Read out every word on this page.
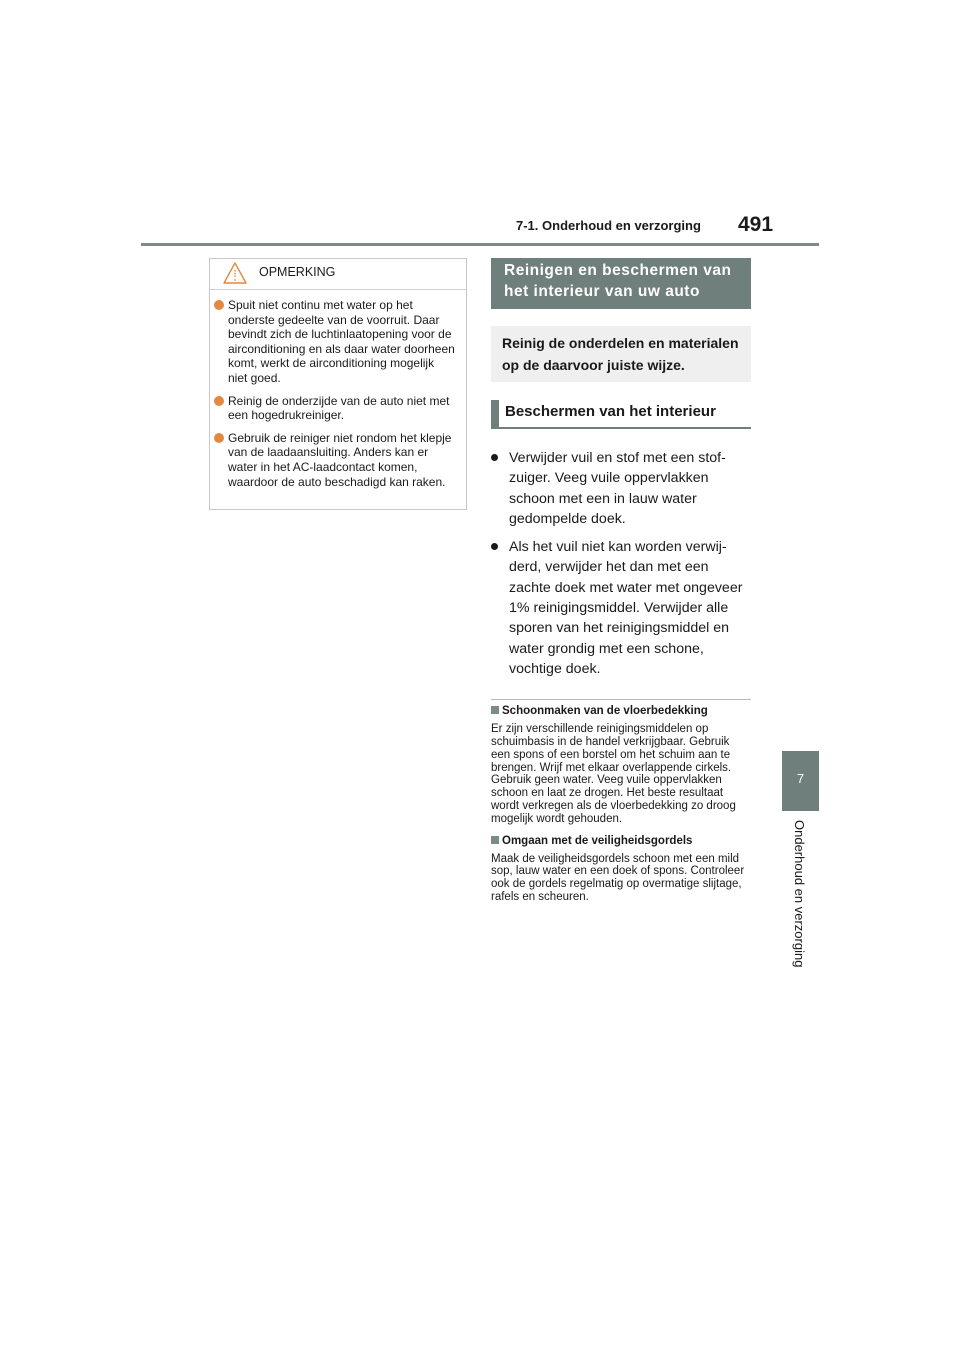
7-1. Onderhoud en verzorging 491
7
Onderhoud en verzorging
OPMERKING
Spuit niet continu met water op het onderste gedeelte van de voorruit. Daar bevindt zich de luchtinlaatopening voor de airconditioning en als daar water doorheen komt, werkt de airconditioning mogelijk niet goed.
Reinig de onderzijde van de auto niet met een hogedrukreiniger.
Gebruik de reiniger niet rondom het klepje van de laadaansluiting. Anders kan er water in het AC-laadcontact komen, waardoor de auto beschadigd kan raken.
Reinigen en beschermen van het interieur van uw auto
Reinig de onderdelen en materialen op de daarvoor juiste wijze.
Beschermen van het interieur
Verwijder vuil en stof met een stofzuiger. Veeg vuile oppervlakken schoon met een in lauw water gedompelde doek.
Als het vuil niet kan worden verwijderd, verwijder het dan met een zachte doek met water met ongeveer 1% reinigingsmiddel. Verwijder alle sporen van het reinigingsmiddel en water grondig met een schone, vochtige doek.
Schoonmaken van de vloerbedekking
Er zijn verschillende reinigingsmiddelen op schuimbasis in de handel verkrijgbaar. Gebruik een spons of een borstel om het schuim aan te brengen. Wrijf met elkaar overlappende cirkels. Gebruik geen water. Veeg vuile oppervlakken schoon en laat ze drogen. Het beste resultaat wordt verkregen als de vloerbedekking zo droog mogelijk wordt gehouden.
Omgaan met de veiligheidsgordels
Maak de veiligheidsgordels schoon met een mild sop, lauw water en een doek of spons. Controleer ook de gordels regelmatig op overmatige slijtage, rafels en scheuren.
